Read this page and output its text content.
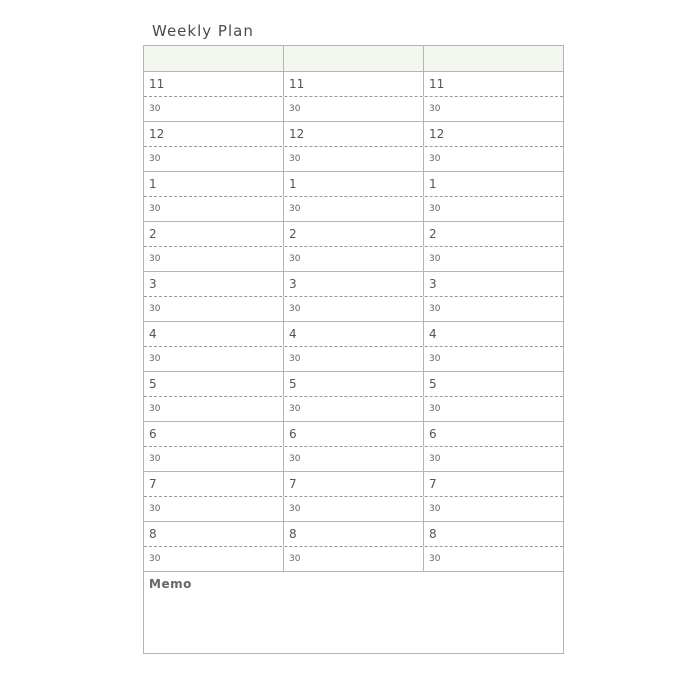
Weekly Plan
11	11	11
30	30	30
12	12	12
30	30	30
1	1	1
30	30	30
2	2	2
30	30	30
3	3	3
30	30	30
4	4	4
30	30	30
5	5	5
30	30	30
6	6	6
30	30	30
7	7	7
30	30	30
8	8	8
30	30	30
Memo
